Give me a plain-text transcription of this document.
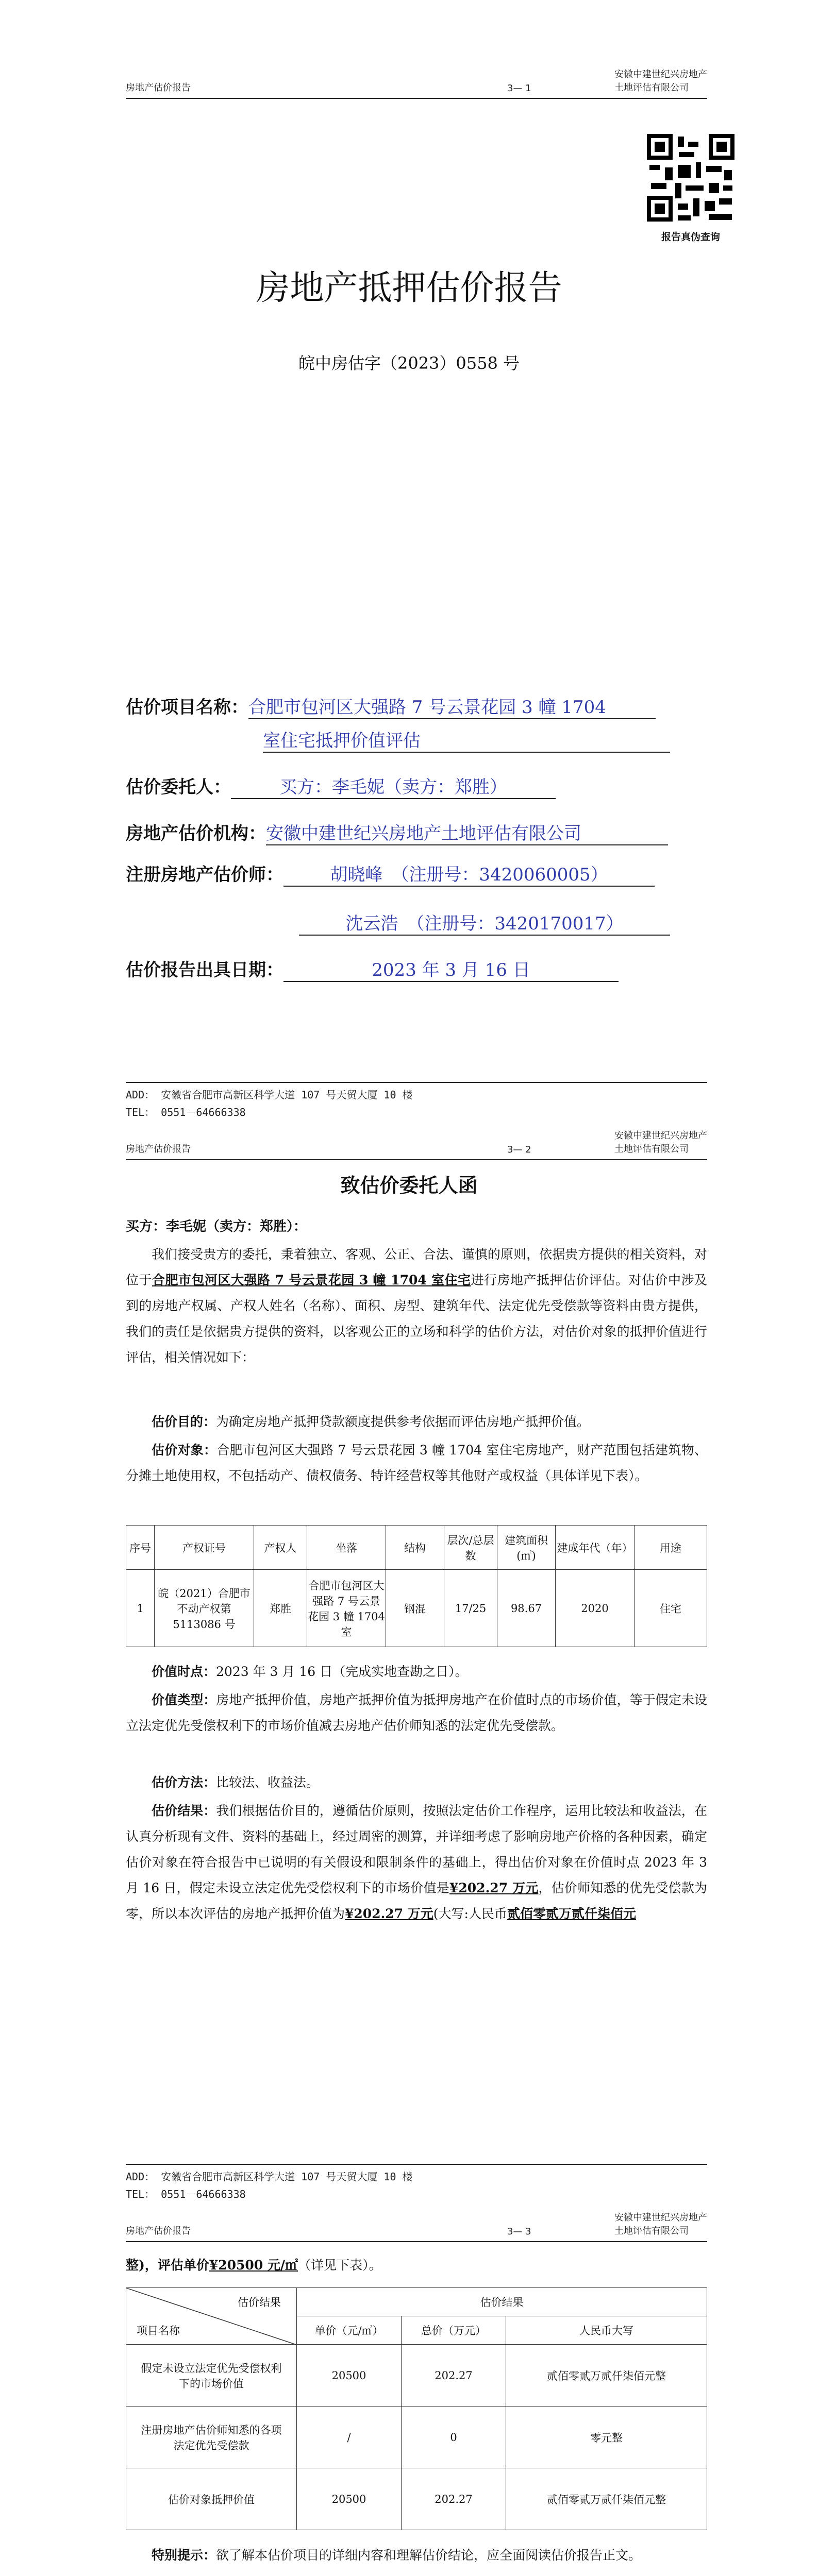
房地产估价报告	3— 1
安徽中建世纪兴房地产土地评估有限公司
报告真伪查询
房地产抵押估价报告
皖中房估字（2023）0558 号
估价项目名称：合肥市包河区大强路 7 号云景花园 3 幢 1704
室住宅抵押价值评估
估价委托人：	买方：李毛妮（卖方：郑胜）
房地产估价机构：安徽中建世纪兴房地产土地评估有限公司
注册房地产估价师：	胡晓峰　（注册号：3420060005）
沈云浩　（注册号：3420170017）
估价报告出具日期：	2023 年 3 月 16 日
ADD： 安徽省合肥市高新区科学大道 107 号天贸大厦 10 楼
TEL： 0551－64666338
房地产估价报告	3— 2
安徽中建世纪兴房地产土地评估有限公司
致估价委托人函
买方：李毛妮（卖方：郑胜）：
我们接受贵方的委托，秉着独立、客观、公正、合法、谨慎的原则，依据贵方提供的相关资料，对位于合肥市包河区大强路 7 号云景花园 3 幢 1704 室住宅进行房地产抵押估价评估。对估价中涉及到的房地产权属、产权人姓名（名称）、面积、房型、建筑年代、法定优先受偿款等资料由贵方提供，我们的责任是依据贵方提供的资料，以客观公正的立场和科学的估价方法，对估价对象的抵押价值进行评估，相关情况如下：
估价目的：为确定房地产抵押贷款额度提供参考依据而评估房地产抵押价值。
估价对象：合肥市包河区大强路 7 号云景花园 3 幢 1704 室住宅房地产，财产范围包括建筑物、分摊土地使用权，不包括动产、债权债务、特许经营权等其他财产或权益（具体详见下表）。
序号	产权证号	产权人	坐落	结构	层次/总层数	建筑面积(㎡)	建成年代（年）	用途
1	皖（2021）合肥市不动产权第 5113086 号	郑胜	合肥市包河区大强路 7 号云景花园 3 幢 1704 室	钢混	17/25	98.67	2020	住宅
价值时点：2023 年 3 月 16 日（完成实地查勘之日）。
价值类型：房地产抵押价值，房地产抵押价值为抵押房地产在价值时点的市场价值，等于假定未设立法定优先受偿权利下的市场价值减去房地产估价师知悉的法定优先受偿款。
估价方法：比较法、收益法。
估价结果：我们根据估价目的，遵循估价原则，按照法定估价工作程序，运用比较法和收益法，在认真分析现有文件、资料的基础上，经过周密的测算，并详细考虑了影响房地产价格的各种因素，确定估价对象在符合报告中已说明的有关假设和限制条件的基础上，得出估价对象在价值时点 2023 年 3 月 16 日，假定未设立法定优先受偿权利下的市场价值是¥202.27 万元，估价师知悉的优先受偿款为零，所以本次评估的房地产抵押价值为¥202.27 万元(大写:人民币贰佰零贰万贰仟柒佰元
ADD： 安徽省合肥市高新区科学大道 107 号天贸大厦 10 楼
TEL： 0551－64666338
房地产估价报告	3— 3
安徽中建世纪兴房地产土地评估有限公司
整)，评估单价¥20500 元/㎡（详见下表）。
估价结果
项目名称	估价结果		
	单价（元/㎡）	总价（万元）	人民币大写
假定未设立法定优先受偿权利下的市场价值	20500	202.27	贰佰零贰万贰仟柒佰元整
注册房地产估价师知悉的各项法定优先受偿款	/	0	零元整
估价对象抵押价值	20500	202.27	贰佰零贰万贰仟柒佰元整
特别提示：欲了解本估价项目的详细内容和理解估价结论，应全面阅读估价报告正文。
